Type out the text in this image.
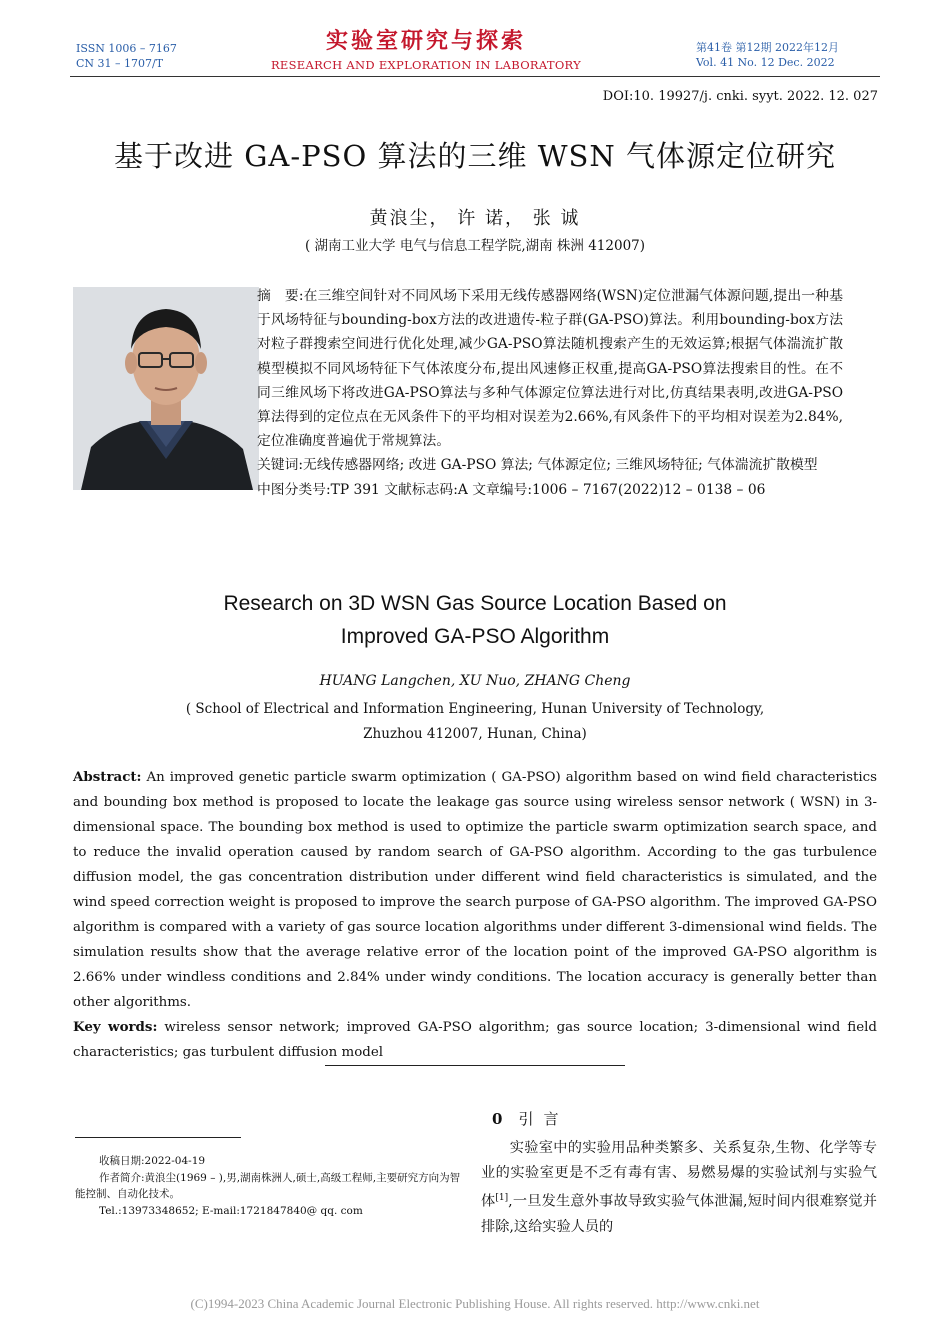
ISSN 1006 – 7167
CN 31 – 1707/T
实验室研究与探索
RESEARCH AND EXPLORATION IN LABORATORY
第41卷 第12期 2022年12月
Vol. 41 No. 12 Dec. 2022
DOI:10. 19927/j. cnki. syyt. 2022. 12. 027
基于改进 GA-PSO 算法的三维 WSN 气体源定位研究
黄浪尘， 许 诺， 张 诚
( 湖南工业大学 电气与信息工程学院,湖南 株洲 412007)

摘　要:在三维空间针对不同风场下采用无线传感器网络(WSN)定位泄漏气体源问题,提出一种基于风场特征与bounding-box方法的改进遗传-粒子群(GA-PSO)算法。利用bounding-box方法对粒子群搜索空间进行优化处理,减少GA-PSO算法随机搜索产生的无效运算;根据气体湍流扩散模型模拟不同风场特征下气体浓度分布,提出风速修正权重,提高GA-PSO算法搜索目的性。在不同三维风场下将改进GA-PSO算法与多种气体源定位算法进行对比,仿真结果表明,改进GA-PSO算法得到的定位点在无风条件下的平均相对误差为2.66%,有风条件下的平均相对误差为2.84%,定位准确度普遍优于常规算法。

关键词:无线传感器网络; 改进 GA-PSO 算法; 气体源定位; 三维风场特征; 气体湍流扩散模型

中图分类号:TP 391 文献标志码:A 文章编号:1006 – 7167(2022)12 – 0138 – 06

Research on 3D WSN Gas Source Location Based on
Improved GA-PSO Algorithm
HUANG Langchen, XU Nuo, ZHANG Cheng
( School of Electrical and Information Engineering, Hunan University of Technology,
Zhuzhou 412007, Hunan, China)

Abstract: An improved genetic particle swarm optimization ( GA-PSO) algorithm based on wind field characteristics and bounding box method is proposed to locate the leakage gas source using wireless sensor network ( WSN) in 3-dimensional space. The bounding box method is used to optimize the particle swarm optimization search space, and to reduce the invalid operation caused by random search of GA-PSO algorithm. According to the gas turbulence diffusion model, the gas concentration distribution under different wind field characteristics is simulated, and the wind speed correction weight is proposed to improve the search purpose of GA-PSO algorithm. The improved GA-PSO algorithm is compared with a variety of gas source location algorithms under different 3-dimensional wind fields. The simulation results show that the average relative error of the location point of the improved GA-PSO algorithm is 2.66% under windless conditions and 2.84% under windy conditions. The location accuracy is generally better than other algorithms.

Key words: wireless sensor network; improved GA-PSO algorithm; gas source location; 3-dimensional wind field characteristics; gas turbulent diffusion model

收稿日期:2022-04-19
作者简介:黄浪尘(1969 – ),男,湖南株洲人,硕士,高级工程师,主要研究方向为智能控制、自动化技术。
Tel.:13973348652; E-mail:1721847840@ qq. com
0 引言
  实验室中的实验用品种类繁多、关系复杂,生物、化学等专业的实验室更是不乏有毒有害、易燃易爆的实验试剂与实验气体[1],一旦发生意外事故导致实验气体泄漏,短时间内很难察觉并排除,这给实验人员的
(C)1994-2023 China Academic Journal Electronic Publishing House. All rights reserved. http://www.cnki.net
